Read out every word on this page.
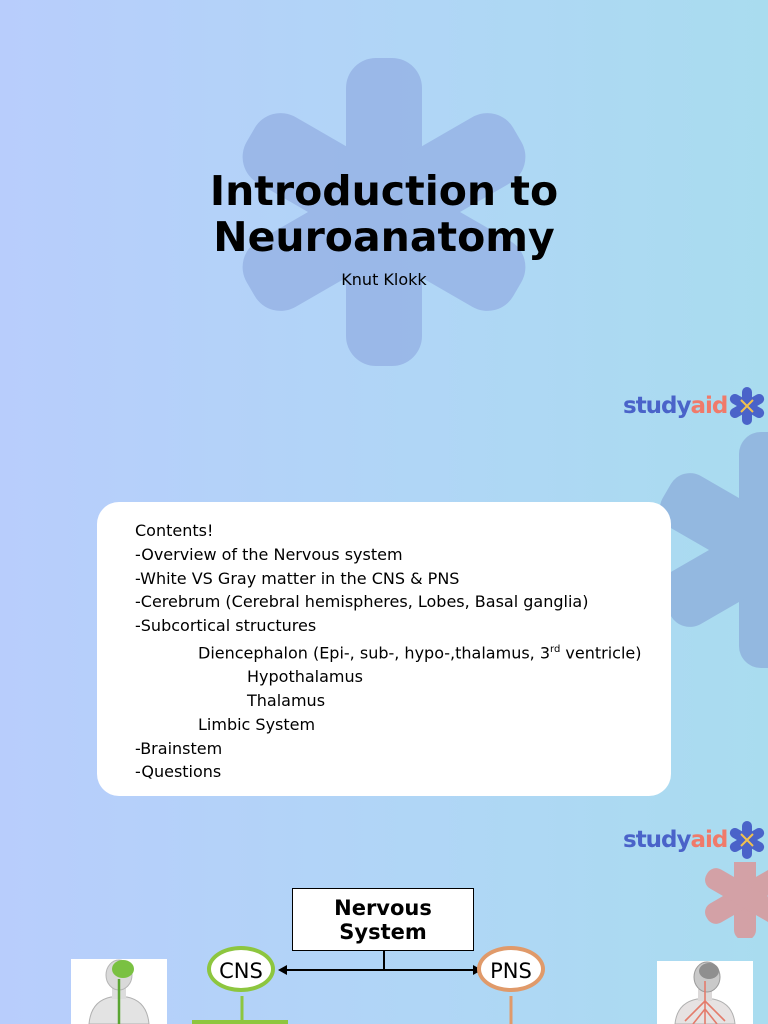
Introduction to
Neuroanatomy
Knut Klokk
studyaid
Contents!
-Overview of the Nervous system
-White VS Gray matter in the CNS & PNS
-Cerebrum (Cerebral hemispheres, Lobes, Basal ganglia)
-Subcortical structures
Diencephalon (Epi-, sub-, hypo-,thalamus, 3rd ventricle)
Hypothalamus
Thalamus
Limbic System
-Brainstem
-Questions
studyaid
Nervous
System
CNS	PNS
